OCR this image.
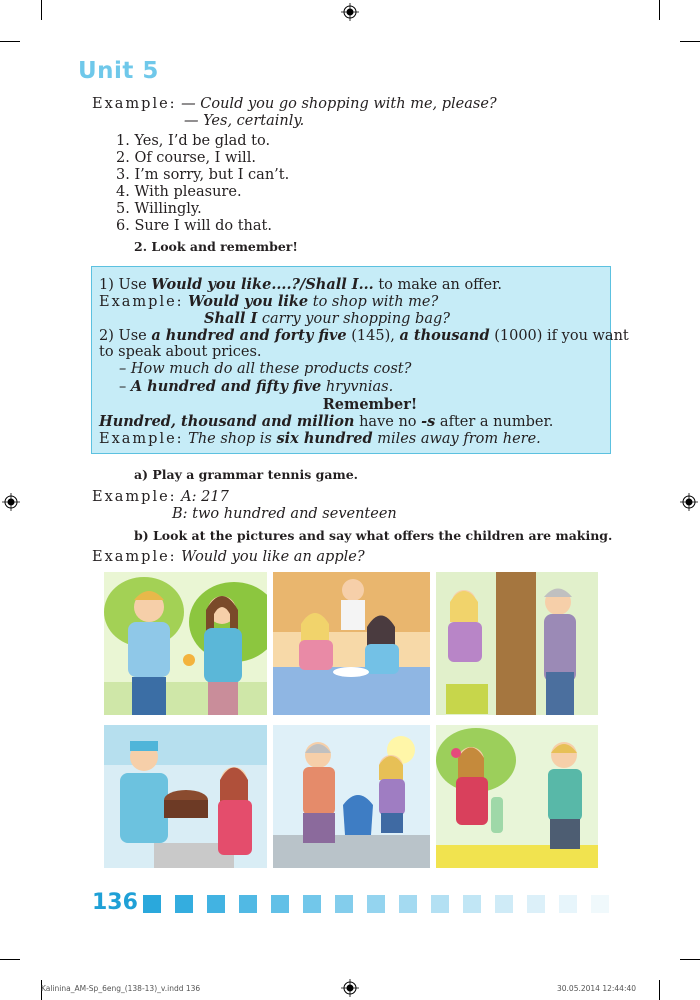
Unit 5
Example: — Could you go shopping with me, please?
— Yes, certainly.
1. Yes, I’d be glad to.
2. Of course, I will.
3. I’m sorry, but I can’t.
4. With pleasure.
5. Willingly.
6. Sure I will do that.
2. Look and remember!
1) Use Would you like....?/Shall I... to make an offer.
Example: Would you like to shop with me?
Shall I carry your shopping bag?
2) Use a hundred and forty five (145), a thousand (1000) if you want
to speak about prices.
– How much do all these products cost?
– A hundred and fifty five hryvnias.
Remember!
Hundred, thousand and million have no -s after a number.
Example: The shop is six hundred miles away from here.
a) Play a grammar tennis game.
Example: A: 217
B: two hundred and seventeen
b) Look at the pictures and say what offers the children are making.
Example: Would you like an apple?
136
Kalinina_AM-Sp_6eng_(138-13)_v.indd 136	30.05.2014 12:44:40
